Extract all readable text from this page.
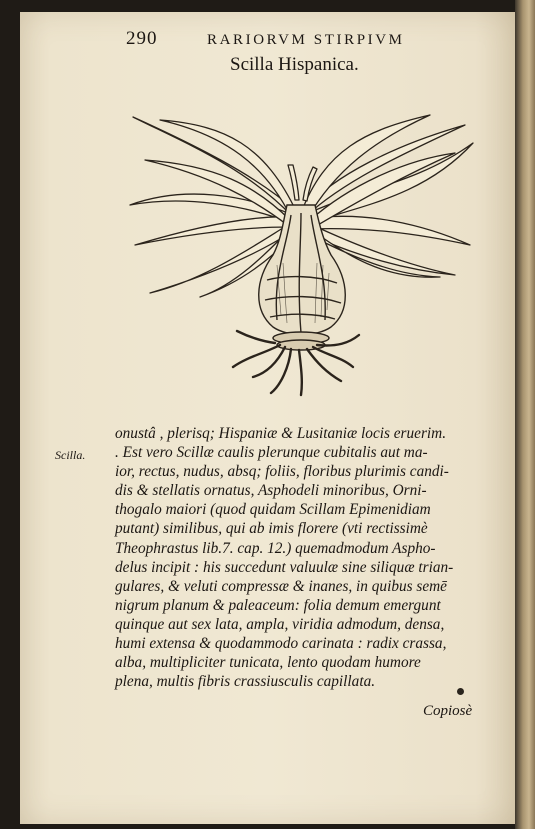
290	RARIORVM STIRPIVM
Scilla Hispanica.
Scilla.
onustâ , plerisq; Hispaniæ & Lusitaniæ locis eruerim.
. Est vero Scillæ caulis plerunque cubitalis aut ma-
ior, rectus, nudus, absq; foliis, floribus plurimis candi-
dis & stellatis ornatus, Asphodeli minoribus, Orni-
thogalo maiori (quod quidam Scillam Epimenidiam
putant) similibus, qui ab imis florere (vti rectissimè
Theophrastus lib.7. cap. 12.) quemadmodum Aspho-
delus incipit : his succedunt valuulæ sine siliquæ trian-
gulares, & veluti compressæ & inanes, in quibus semē
nigrum planum & paleaceum: folia demum emergunt
quinque aut sex lata, ampla, viridia admodum, densa,
humi extensa & quodammodo carinata : radix crassa,
alba, multipliciter tunicata, lento quodam humore
plena, multis fibris crassiusculis capillata.
Copiosè
